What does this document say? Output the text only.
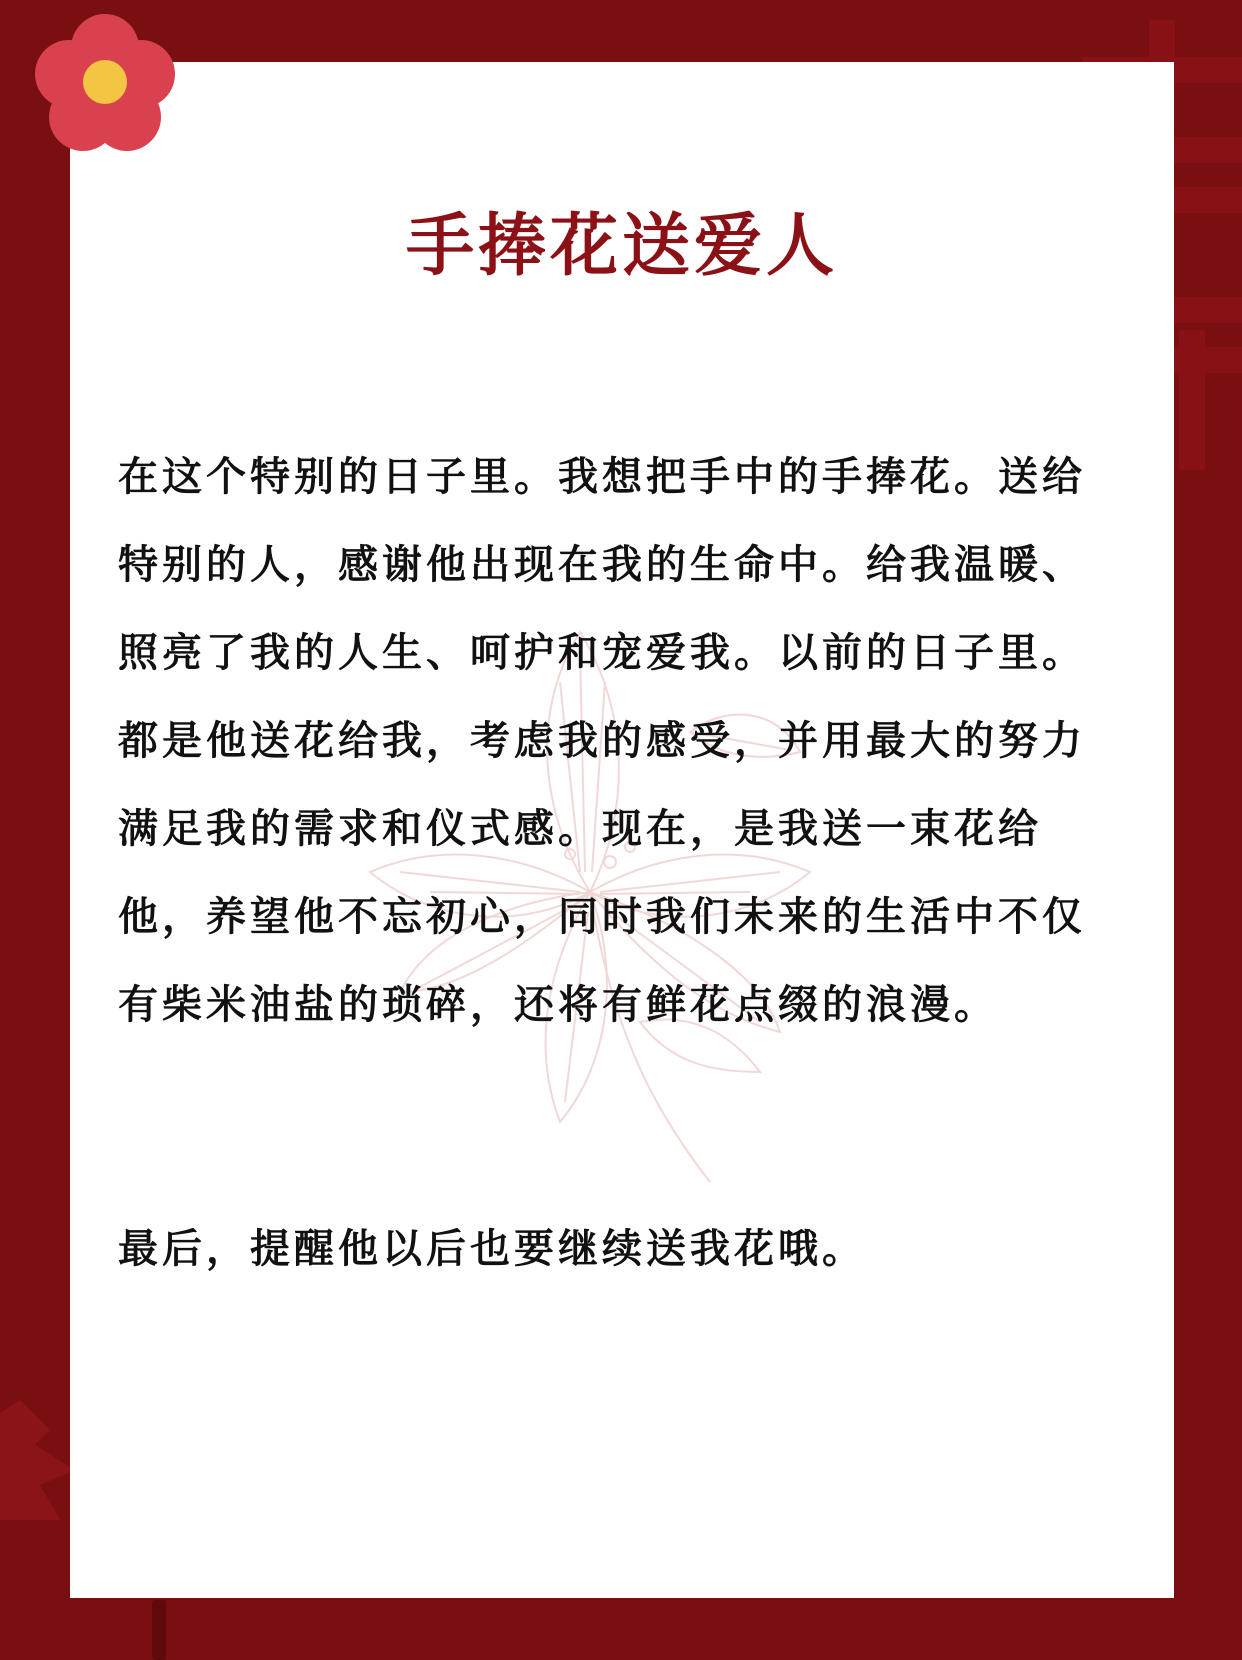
手捧花送爱人

在这个特别的日子里。我想把手中的手捧花。送给特别的人，感谢他出现在我的生命中。给我温暖、照亮了我的人生、呵护和宠爱我。以前的日子里。都是他送花给我，考虑我的感受，并用最大的努力满足我的需求和仪式感。现在，是我送一束花给他，养望他不忘初心，同时我们未来的生活中不仅有柴米油盐的琐碎，还将有鲜花点缀的浪漫。

最后，提醒他以后也要继续送我花哦。
